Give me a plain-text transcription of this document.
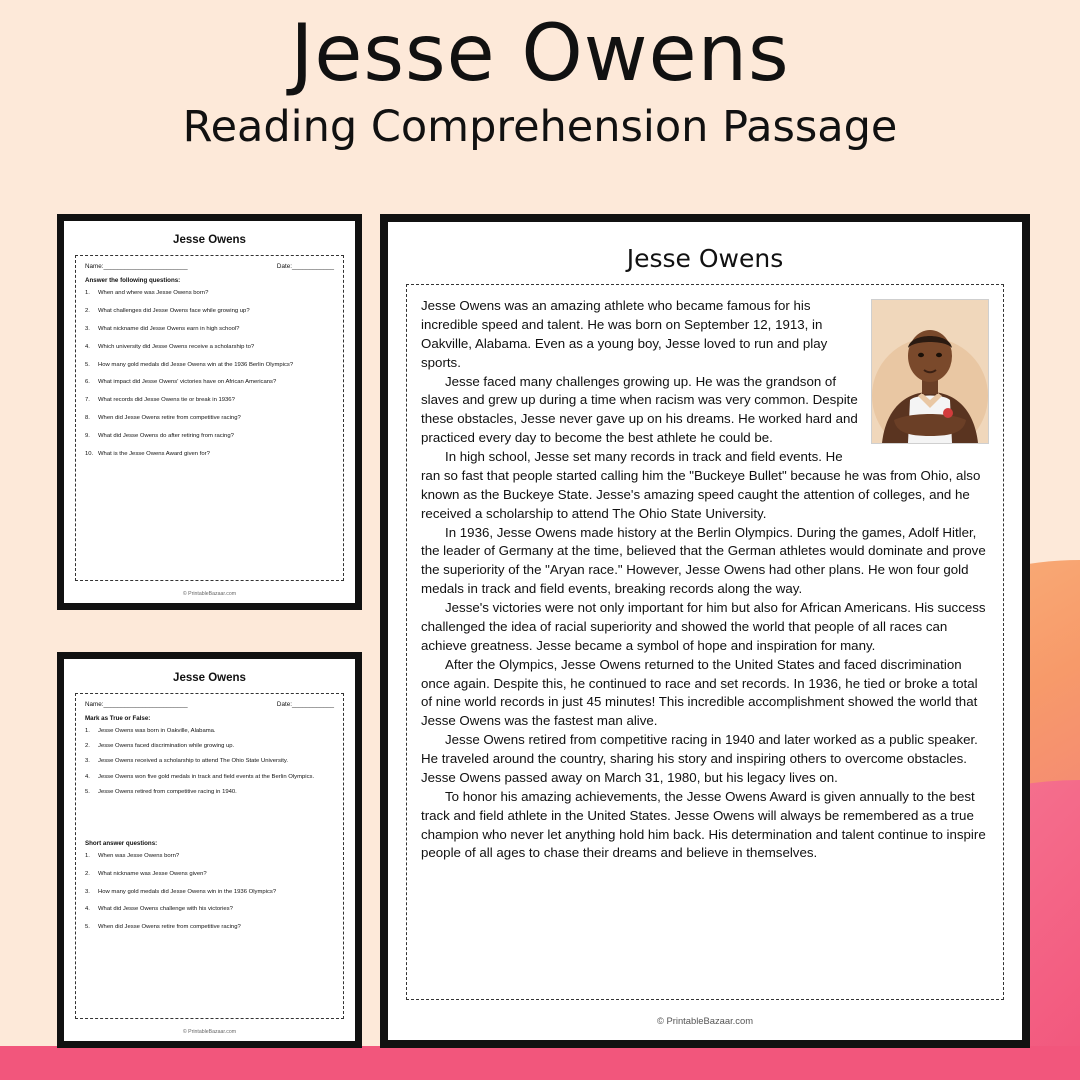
Jesse Owens

Reading Comprehension Passage

Jesse Owens
Name:________________________	Date:____________
Answer the following questions:
1.	When and where was Jesse Owens born?
2.	What challenges did Jesse Owens face while growing up?
3.	What nickname did Jesse Owens earn in high school?
4.	Which university did Jesse Owens receive a scholarship to?
5.	How many gold medals did Jesse Owens win at the 1936 Berlin Olympics?
6.	What impact did Jesse Owens' victories have on African Americans?
7.	What records did Jesse Owens tie or break in 1936?
8.	When did Jesse Owens retire from competitive racing?
9.	What did Jesse Owens do after retiring from racing?
10. What is the Jesse Owens Award given for?
© PrintableBazaar.com
Jesse Owens
Name:________________________	Date:____________
Mark as True or False:
1.	Jesse Owens was born in Oakville, Alabama.
2.	Jesse Owens faced discrimination while growing up.
3.	Jesse Owens received a scholarship to attend The Ohio State University.
4.	Jesse Owens won five gold medals in track and field events at the Berlin Olympics.
5.	Jesse Owens retired from competitive racing in 1940.
Short answer questions:
1.	When was Jesse Owens born?
2.	What nickname was Jesse Owens given?
3.	How many gold medals did Jesse Owens win in the 1936 Olympics?
4.	What did Jesse Owens challenge with his victories?
5.	When did Jesse Owens retire from competitive racing?
© PrintableBazaar.com
Jesse Owens

Jesse Owens was an amazing athlete who became famous for his incredible speed and talent. He was born on September 12, 1913, in Oakville, Alabama. Even as a young boy, Jesse loved to run and play sports.

Jesse faced many challenges growing up. He was the grandson of slaves and grew up during a time when racism was very common. Despite these obstacles, Jesse never gave up on his dreams. He worked hard and practiced every day to become the best athlete he could be.

In high school, Jesse set many records in track and field events. He ran so fast that people started calling him the "Buckeye Bullet" because he was from Ohio, also known as the Buckeye State. Jesse's amazing speed caught the attention of colleges, and he received a scholarship to attend The Ohio State University.

In 1936, Jesse Owens made history at the Berlin Olympics. During the games, Adolf Hitler, the leader of Germany at the time, believed that the German athletes would dominate and prove the superiority of the "Aryan race." However, Jesse Owens had other plans. He won four gold medals in track and field events, breaking records along the way.

Jesse's victories were not only important for him but also for African Americans. His success challenged the idea of racial superiority and showed the world that people of all races can achieve greatness. Jesse became a symbol of hope and inspiration for many.

After the Olympics, Jesse Owens returned to the United States and faced discrimination once again. Despite this, he continued to race and set records. In 1936, he tied or broke a total of nine world records in just 45 minutes! This incredible accomplishment showed the world that Jesse Owens was the fastest man alive.

Jesse Owens retired from competitive racing in 1940 and later worked as a public speaker. He traveled around the country, sharing his story and inspiring others to overcome obstacles. Jesse Owens passed away on March 31, 1980, but his legacy lives on.

To honor his amazing achievements, the Jesse Owens Award is given annually to the best track and field athlete in the United States. Jesse Owens will always be remembered as a true champion who never let anything hold him back. His determination and talent continue to inspire people of all ages to chase their dreams and believe in themselves.

© PrintableBazaar.com
